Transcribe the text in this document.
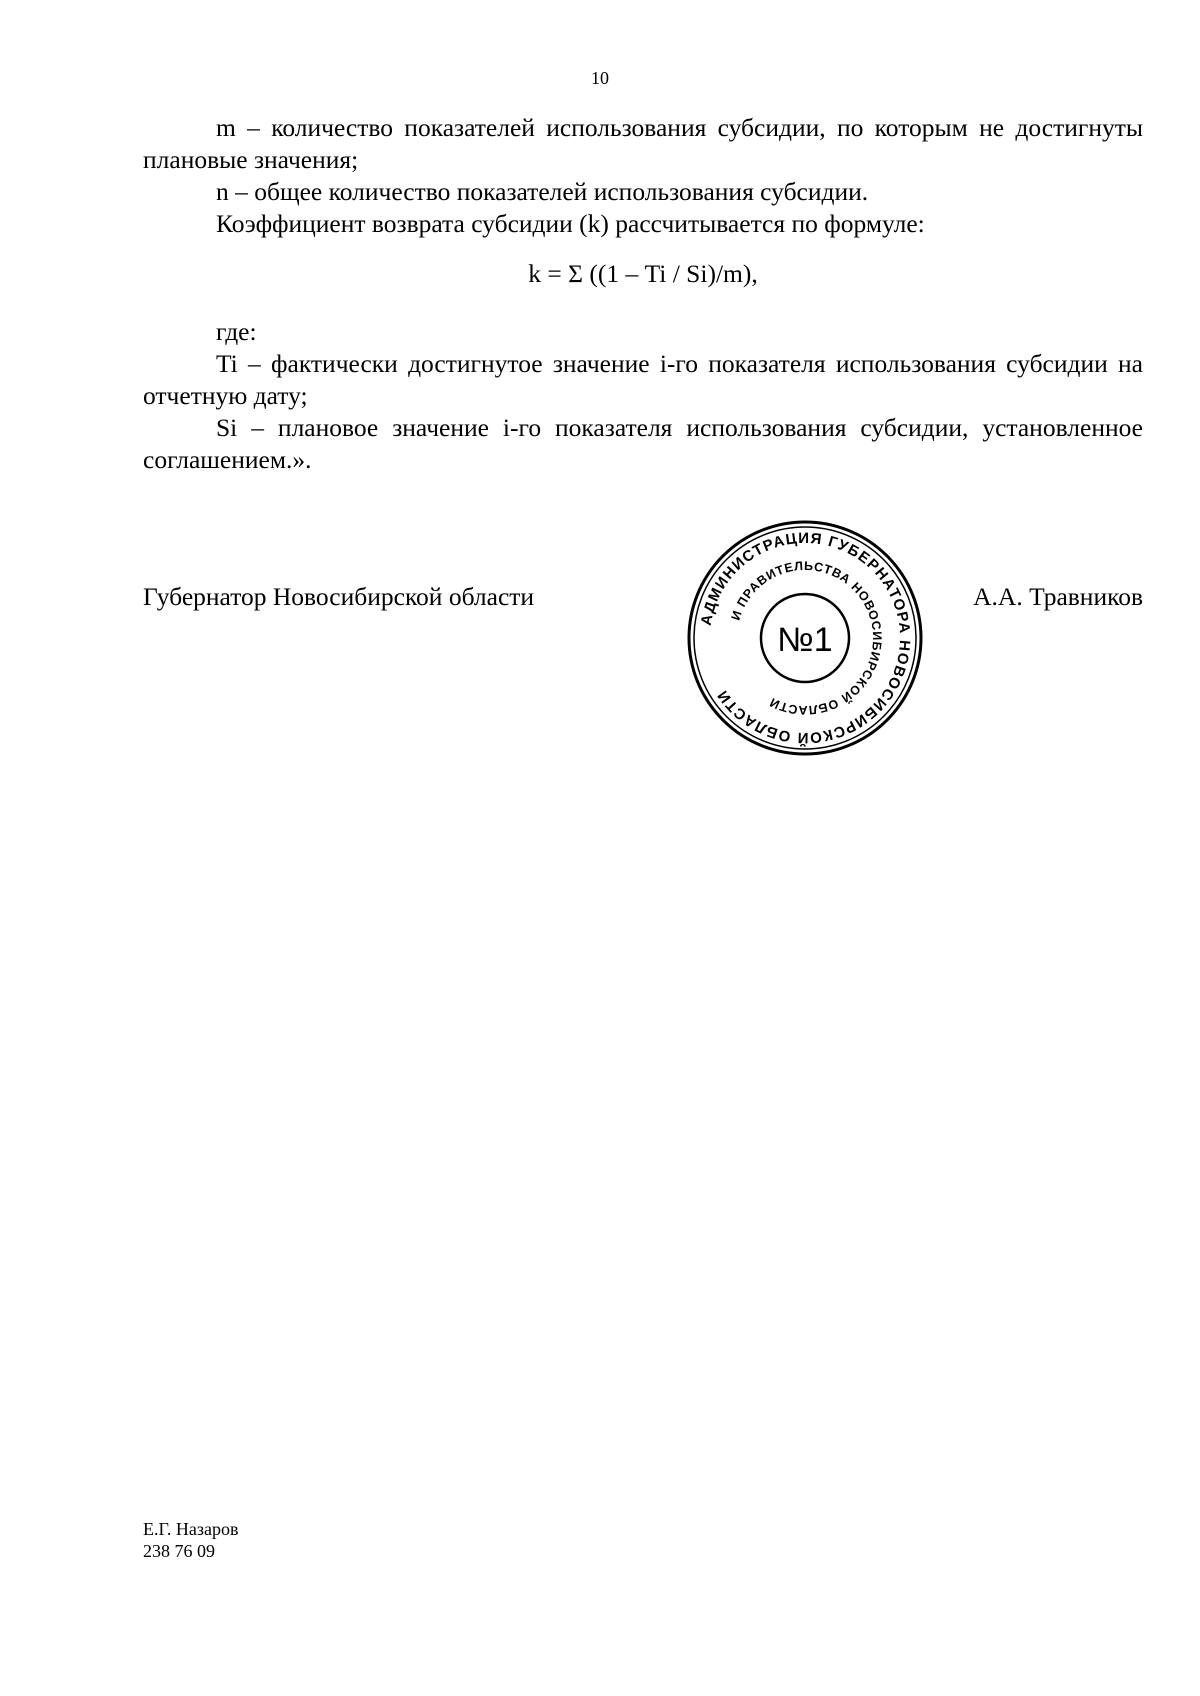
10

m – количество показателей использования субсидии, по которым не достигнуты плановые значения;

n – общее количество показателей использования субсидии.

Коэффициент возврата субсидии (k) рассчитывается по формуле:

k = Σ ((1 – Ti / Si)/m),

где:

Ti – фактически достигнутое значение i-го показателя использования субсидии на отчетную дату;

Si – плановое значение i-го показателя использования субсидии, установленное соглашением.».

Губернатор Новосибирской области	А.А. Травников
АДМИНИСТРАЦИЯ ГУБЕРНАТОРА НОВОСИБИРСКОЙ ОБЛАСТИ
И ПРАВИТЕЛЬСТВА НОВОСИБИРСКОЙ ОБЛАСТИ
№1
Е.Г. Назаров
238 76 09
